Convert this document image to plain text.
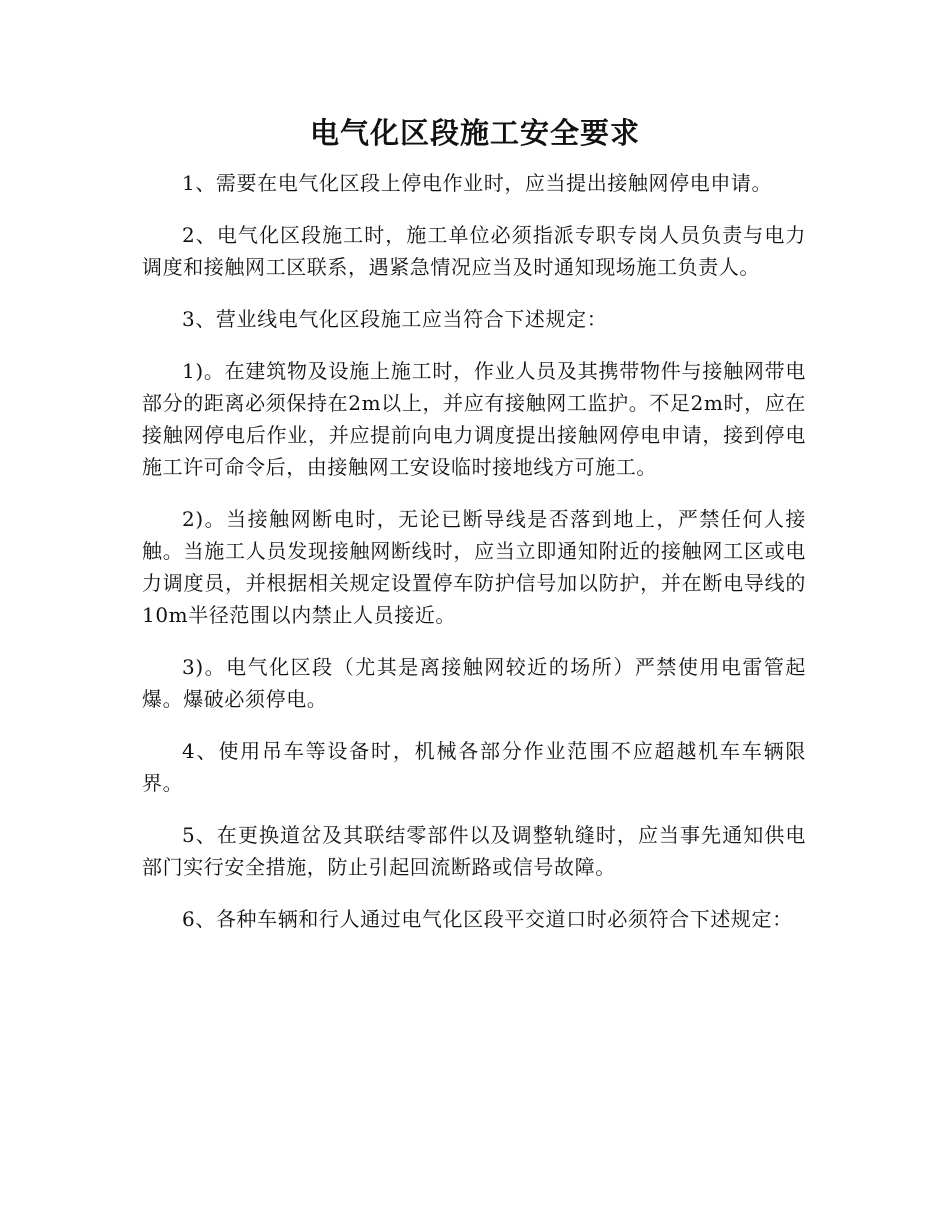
电气化区段施工安全要求

1、需要在电气化区段上停电作业时，应当提出接触网停电申请。

2、电气化区段施工时，施工单位必须指派专职专岗人员负责与电力调度和接触网工区联系，遇紧急情况应当及时通知现场施工负责人。

3、营业线电气化区段施工应当符合下述规定：

1)。在建筑物及设施上施工时，作业人员及其携带物件与接触网带电部分的距离必须保持在2m以上，并应有接触网工监护。不足2m时，应在接触网停电后作业，并应提前向电力调度提出接触网停电申请，接到停电施工许可命令后，由接触网工安设临时接地线方可施工。

2)。当接触网断电时，无论已断导线是否落到地上，严禁任何人接触。当施工人员发现接触网断线时，应当立即通知附近的接触网工区或电力调度员，并根据相关规定设置停车防护信号加以防护，并在断电导线的10m半径范围以内禁止人员接近。

3)。电气化区段（尤其是离接触网较近的场所）严禁使用电雷管起爆。爆破必须停电。

4、使用吊车等设备时，机械各部分作业范围不应超越机车车辆限界。

5、在更换道岔及其联结零部件以及调整轨缝时，应当事先通知供电部门实行安全措施，防止引起回流断路或信号故障。

6、各种车辆和行人通过电气化区段平交道口时必须符合下述规定：
